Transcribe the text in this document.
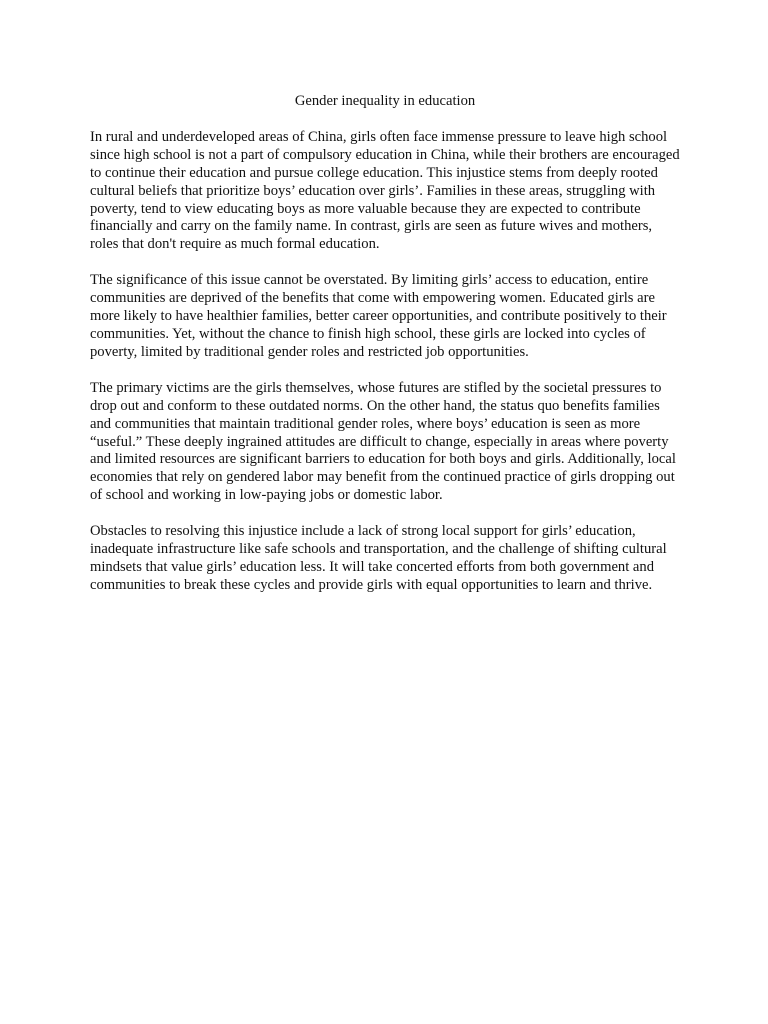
Gender inequality in education

In rural and underdeveloped areas of China, girls often face immense pressure to leave high school since high school is not a part of compulsory education in China, while their brothers are encouraged to continue their education and pursue college education. This injustice stems from deeply rooted cultural beliefs that prioritize boys’ education over girls’. Families in these areas, struggling with poverty, tend to view educating boys as more valuable because they are expected to contribute financially and carry on the family name. In contrast, girls are seen as future wives and mothers, roles that don't require as much formal education.

The significance of this issue cannot be overstated. By limiting girls’ access to education, entire communities are deprived of the benefits that come with empowering women. Educated girls are more likely to have healthier families, better career opportunities, and contribute positively to their communities. Yet, without the chance to finish high school, these girls are locked into cycles of poverty, limited by traditional gender roles and restricted job opportunities.

The primary victims are the girls themselves, whose futures are stifled by the societal pressures to drop out and conform to these outdated norms. On the other hand, the status quo benefits families and communities that maintain traditional gender roles, where boys’ education is seen as more “useful.” These deeply ingrained attitudes are difficult to change, especially in areas where poverty and limited resources are significant barriers to education for both boys and girls. Additionally, local economies that rely on gendered labor may benefit from the continued practice of girls dropping out of school and working in low-paying jobs or domestic labor.

Obstacles to resolving this injustice include a lack of strong local support for girls’ education, inadequate infrastructure like safe schools and transportation, and the challenge of shifting cultural mindsets that value girls’ education less. It will take concerted efforts from both government and communities to break these cycles and provide girls with equal opportunities to learn and thrive.
